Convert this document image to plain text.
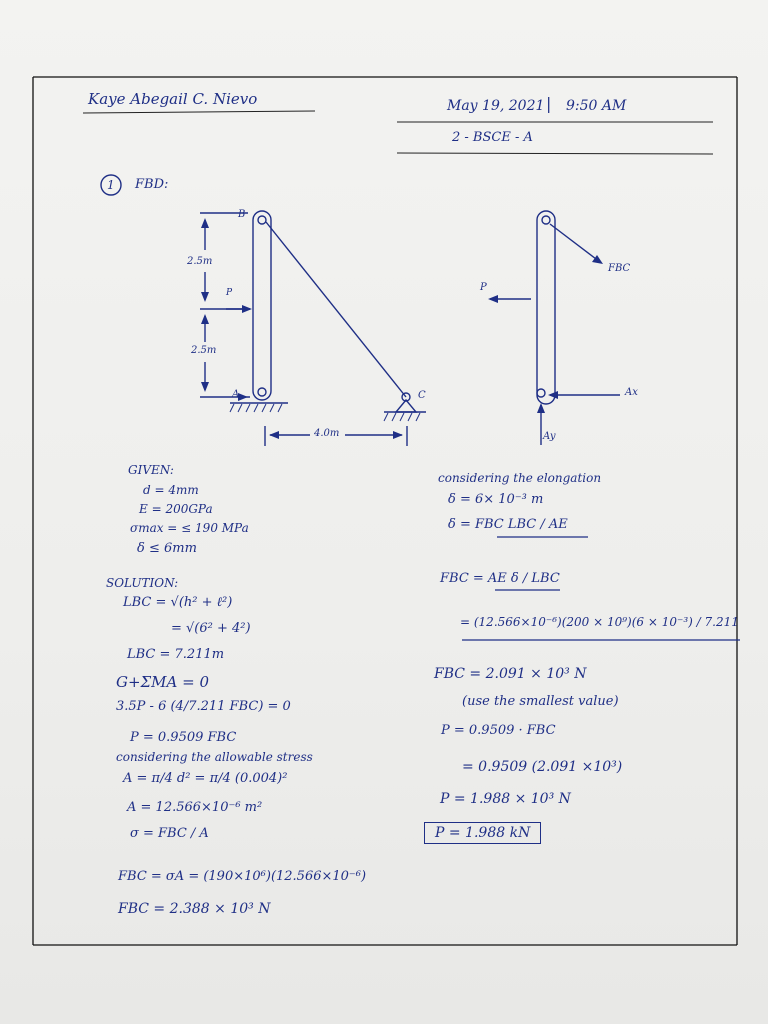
Kaye Abegail C. Nievo	May 19, 2021 | 9:50 AM
2 - BSCE - A
1 FBD:
B
A	C
P
2.5m
2.5m
4.0m
FBC
P
Ax
Ay
GIVEN:
d = 4mm
E = 200GPa
σmax = ≤ 190 MPa
δ ≤ 6mm
SOLUTION:
LBC = √(h² + ℓ²)
= √(6² + 4²)
LBC = 7.211m
G+ΣMA = 0
3.5P - 6 (4/7.211 FBC) = 0
P = 0.9509 FBC
considering the allowable stress
A = π/4 d² = π/4 (0.004)²
A = 12.566×10⁻⁶ m²
σ = FBC / A
FBC = σA = (190×10⁶)(12.566×10⁻⁶)
FBC = 2.388 × 10³ N
considering the elongation
δ = 6× 10⁻³ m
δ = FBC LBC / AE
FBC = AE δ / LBC
= (12.566×10⁻⁶)(200 × 10⁹)(6 × 10⁻³) / 7.211
FBC = 2.091 × 10³ N
(use the smallest value)
P = 0.9509 · FBC
= 0.9509 (2.091 ×10³)
P = 1.988 × 10³ N
P = 1.988 kN
